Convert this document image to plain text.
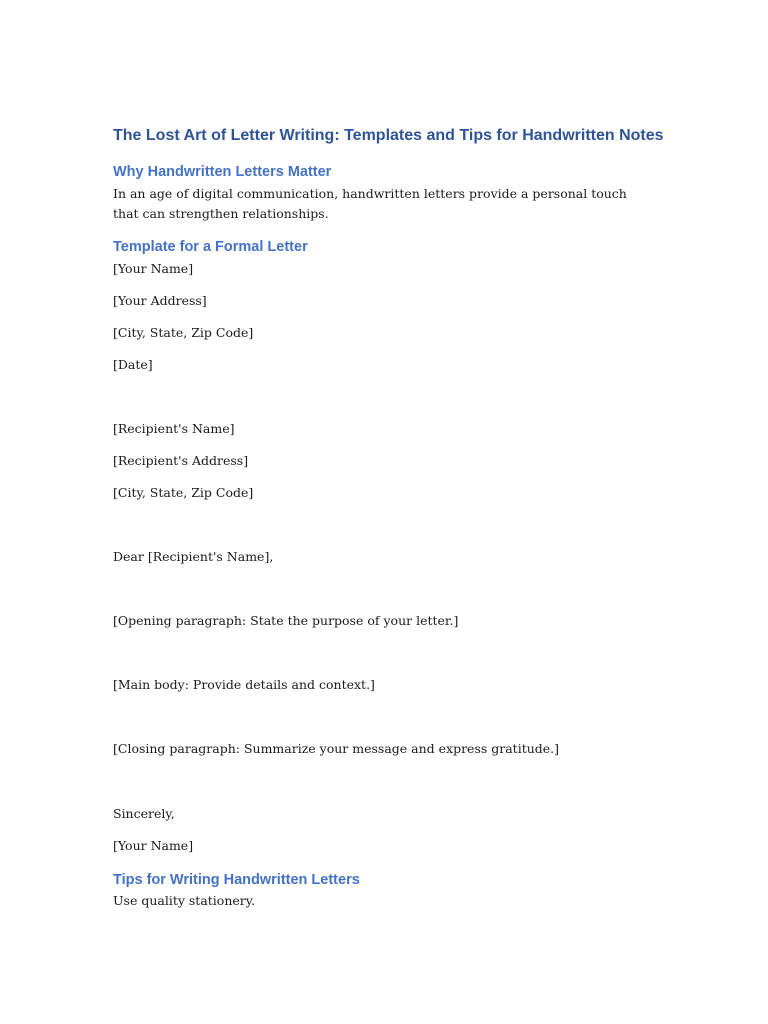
The Lost Art of Letter Writing: Templates and Tips for Handwritten Notes
Why Handwritten Letters Matter

In an age of digital communication, handwritten letters provide a personal touch that can strengthen relationships.

Template for a Formal Letter

[Your Name]

[Your Address]

[City, State, Zip Code]

[Date]

[Recipient's Name]

[Recipient's Address]

[City, State, Zip Code]

Dear [Recipient's Name],

[Opening paragraph: State the purpose of your letter.]

[Main body: Provide details and context.]

[Closing paragraph: Summarize your message and express gratitude.]

Sincerely,

[Your Name]

Tips for Writing Handwritten Letters

Use quality stationery.
